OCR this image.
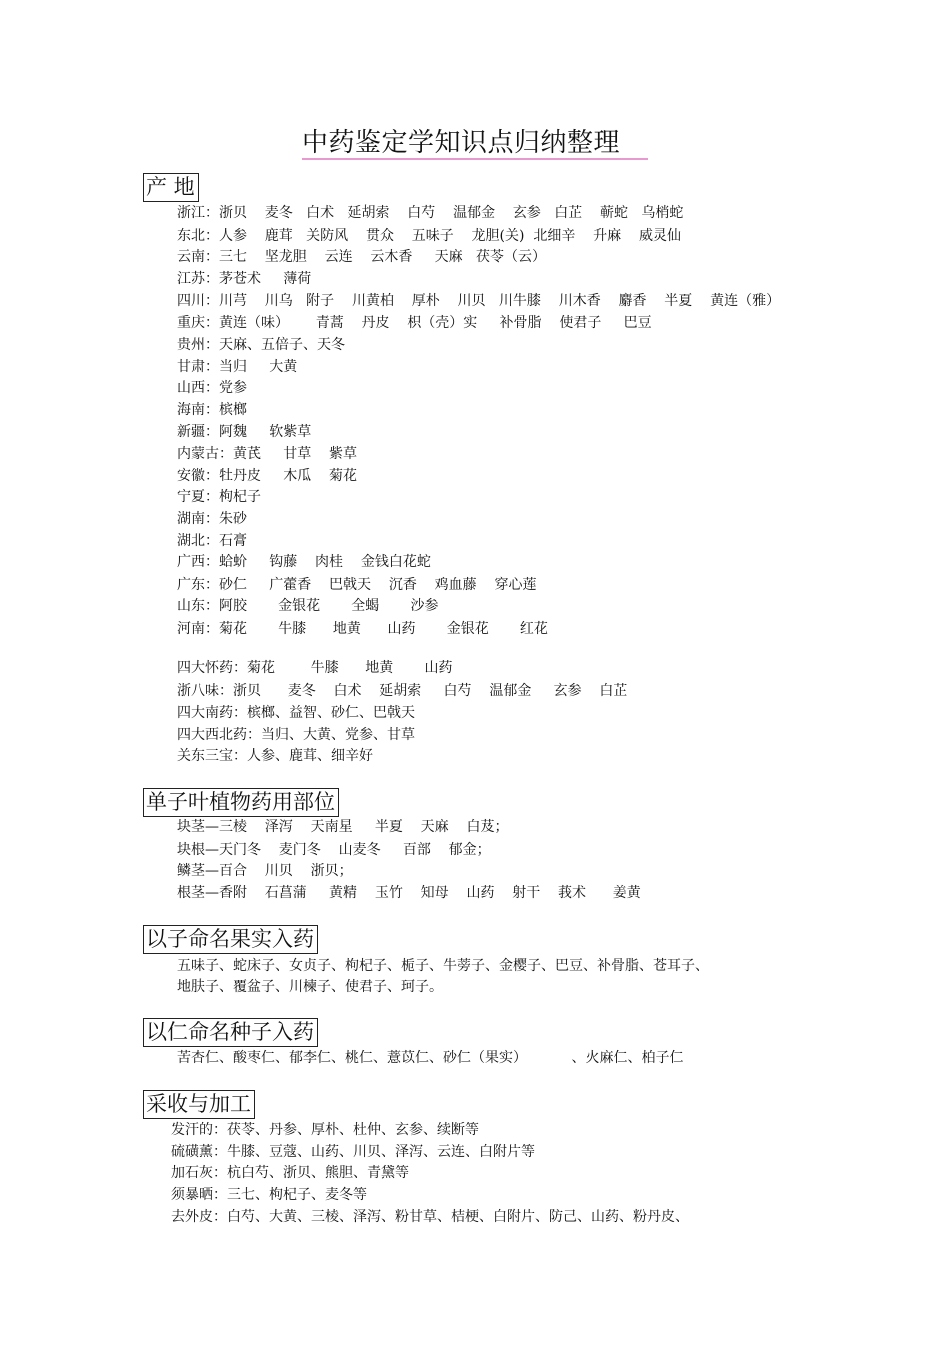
中药鉴定学知识点归纳整理
产 地
浙江：浙贝    麦冬   白术   延胡索    白芍    温郁金    玄参   白芷    蕲蛇   乌梢蛇
东北：人参    鹿茸   关防风    贯众    五味子    龙胆(关)  北细辛    升麻    威灵仙
云南：三七    坚龙胆    云连    云木香     天麻   茯苓（云）
江苏：茅苍术     薄荷
四川：川芎    川乌   附子    川黄柏    厚朴    川贝   川牛膝    川木香    麝香    半夏    黄连（雅）
重庆：黄连（味）      青蒿    丹皮    枳（壳）实     补骨脂    使君子     巴豆
贵州：天麻、五倍子、天冬
甘肃：当归     大黄
山西：党参
海南：槟榔
新疆：阿魏     软紫草
内蒙古：黄芪     甘草    紫草
安徽：牡丹皮     木瓜    菊花
宁夏：枸杞子
湖南：朱砂
湖北：石膏
广西：蛤蚧     钩藤    肉桂    金钱白花蛇
广东：砂仁     广藿香    巴戟天    沉香    鸡血藤    穿心莲
山东：阿胶       金银花       全蝎       沙参
河南：菊花       牛膝      地黄      山药       金银花       红花
四大怀药：菊花        牛膝      地黄       山药
浙八味：浙贝      麦冬    白术    延胡索     白芍    温郁金     玄参    白芷
四大南药：槟榔、益智、砂仁、巴戟天
四大西北药：当归、大黄、党参、甘草
关东三宝：人参、鹿茸、细辛好
单子叶植物药用部位
块茎—三棱    泽泻    天南星     半夏    天麻    白芨；
块根—天门冬    麦门冬    山麦冬     百部    郁金；
鳞茎—百合    川贝    浙贝；
根茎—香附    石菖蒲     黄精    玉竹    知母    山药    射干    莪术      姜黄
以子命名果实入药
五味子、蛇床子、女贞子、枸杞子、栀子、牛蒡子、金樱子、巴豆、补骨脂、苍耳子、
地肤子、覆盆子、川楝子、使君子、珂子。
以仁命名种子入药
苦杏仁、酸枣仁、郁李仁、桃仁、薏苡仁、砂仁（果实）          、火麻仁、柏子仁
采收与加工
发汗的：茯苓、丹参、厚朴、杜仲、玄参、续断等
硫磺薰：牛膝、豆蔻、山药、川贝、泽泻、云连、白附片等
加石灰：杭白芍、浙贝、熊胆、青黛等
须暴晒：三七、枸杞子、麦冬等
去外皮：白芍、大黄、三棱、泽泻、粉甘草、桔梗、白附片、防己、山药、粉丹皮、
